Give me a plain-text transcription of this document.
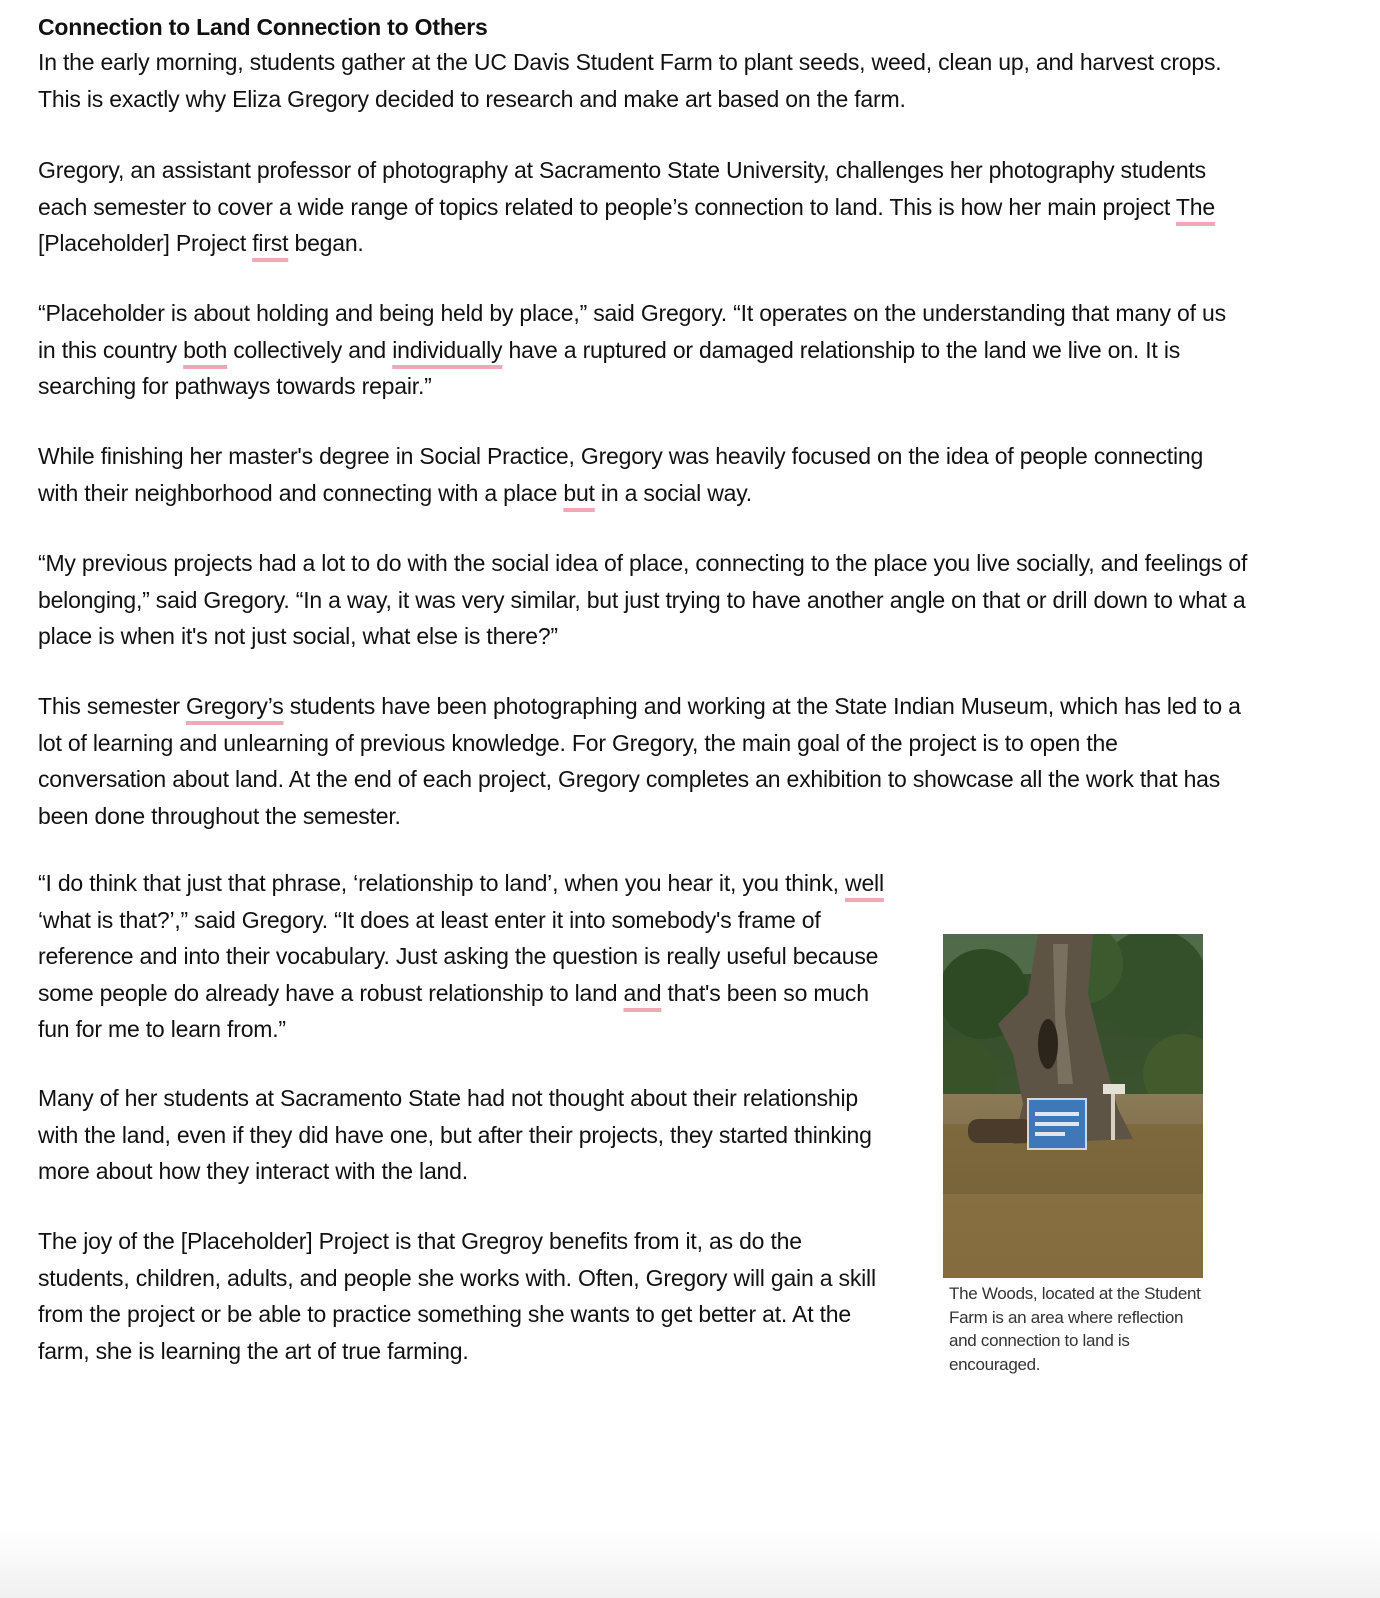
Connection to Land Connection to Others

In the early morning, students gather at the UC Davis Student Farm to plant seeds, weed, clean up, and harvest crops. This is exactly why Eliza Gregory decided to research and make art based on the farm.

Gregory, an assistant professor of photography at Sacramento State University, challenges her photography students each semester to cover a wide range of topics related to people’s connection to land. This is how her main project The [Placeholder] Project first began.

“Placeholder is about holding and being held by place,” said Gregory. “It operates on the understanding that many of us in this country both collectively and individually have a ruptured or damaged relationship to the land we live on. It is searching for pathways towards repair.”

While finishing her master's degree in Social Practice, Gregory was heavily focused on the idea of people connecting with their neighborhood and connecting with a place but in a social way.

“My previous projects had a lot to do with the social idea of place, connecting to the place you live socially, and feelings of belonging,” said Gregory. “In a way, it was very similar, but just trying to have another angle on that or drill down to what a place is when it's not just social, what else is there?”

This semester Gregory’s students have been photographing and working at the State Indian Museum, which has led to a lot of learning and unlearning of previous knowledge. For Gregory, the main goal of the project is to open the conversation about land. At the end of each project, Gregory completes an exhibition to showcase all the work that has been done throughout the semester.

“I do think that just that phrase, ‘relationship to land’, when you hear it, you think, well ‘what is that?’,” said Gregory. “It does at least enter it into somebody's frame of reference and into their vocabulary. Just asking the question is really useful because some people do already have a robust relationship to land and that's been so much fun for me to learn from.”

Many of her students at Sacramento State had not thought about their relationship with the land, even if they did have one, but after their projects, they started thinking more about how they interact with the land.

The joy of the [Placeholder] Project is that Gregroy benefits from it, as do the students, children, adults, and people she works with. Often, Gregory will gain a skill from the project or be able to practice something she wants to get better at. At the farm, she is learning the art of true farming.

The Woods, located at the Student Farm is an area where reflection and connection to land is encouraged.
